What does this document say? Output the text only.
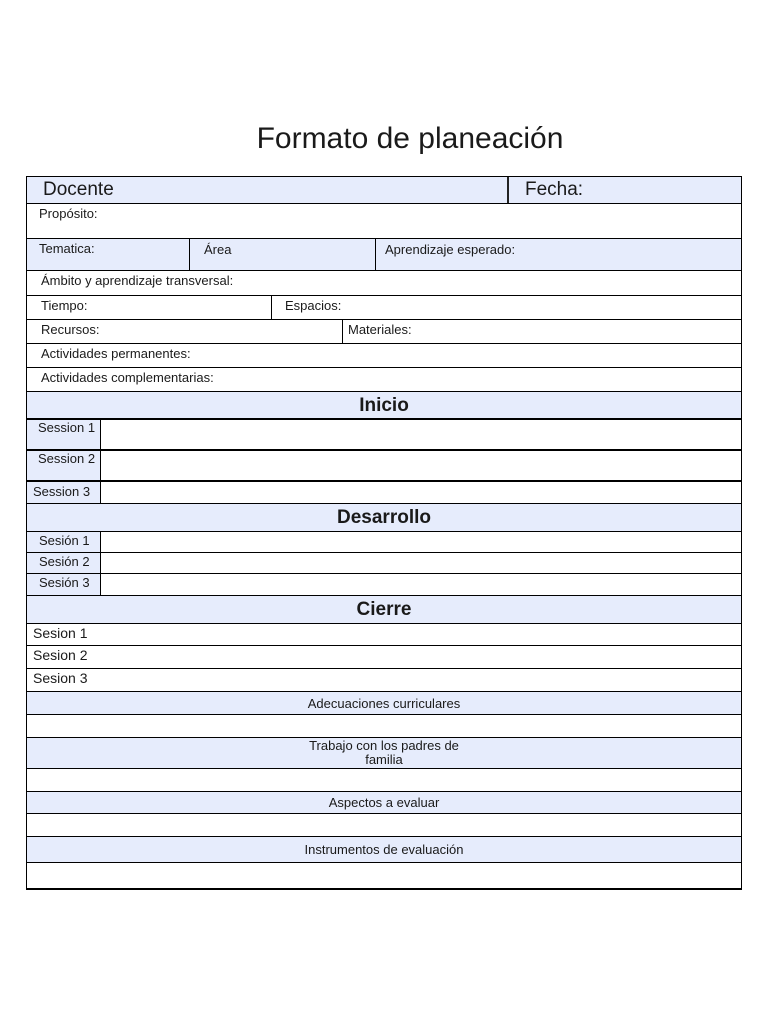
Formato de planeación
Docente	Fecha:
Propósito:
Tematica:	Área	Aprendizaje esperado:
Ámbito y aprendizaje transversal:
Tiempo:	Espacios:
Recursos:	Materiales:
Actividades permanentes:
Actividades complementarias:
Inicio
Session 1
Session 2
Session 3
Desarrollo
Sesión 1
Sesión 2
Sesión 3
Cierre
Sesion 1
Sesion 2
Sesion 3
Adecuaciones curriculares
Trabajo con los padres de familia
Aspectos a evaluar
Instrumentos de evaluación
